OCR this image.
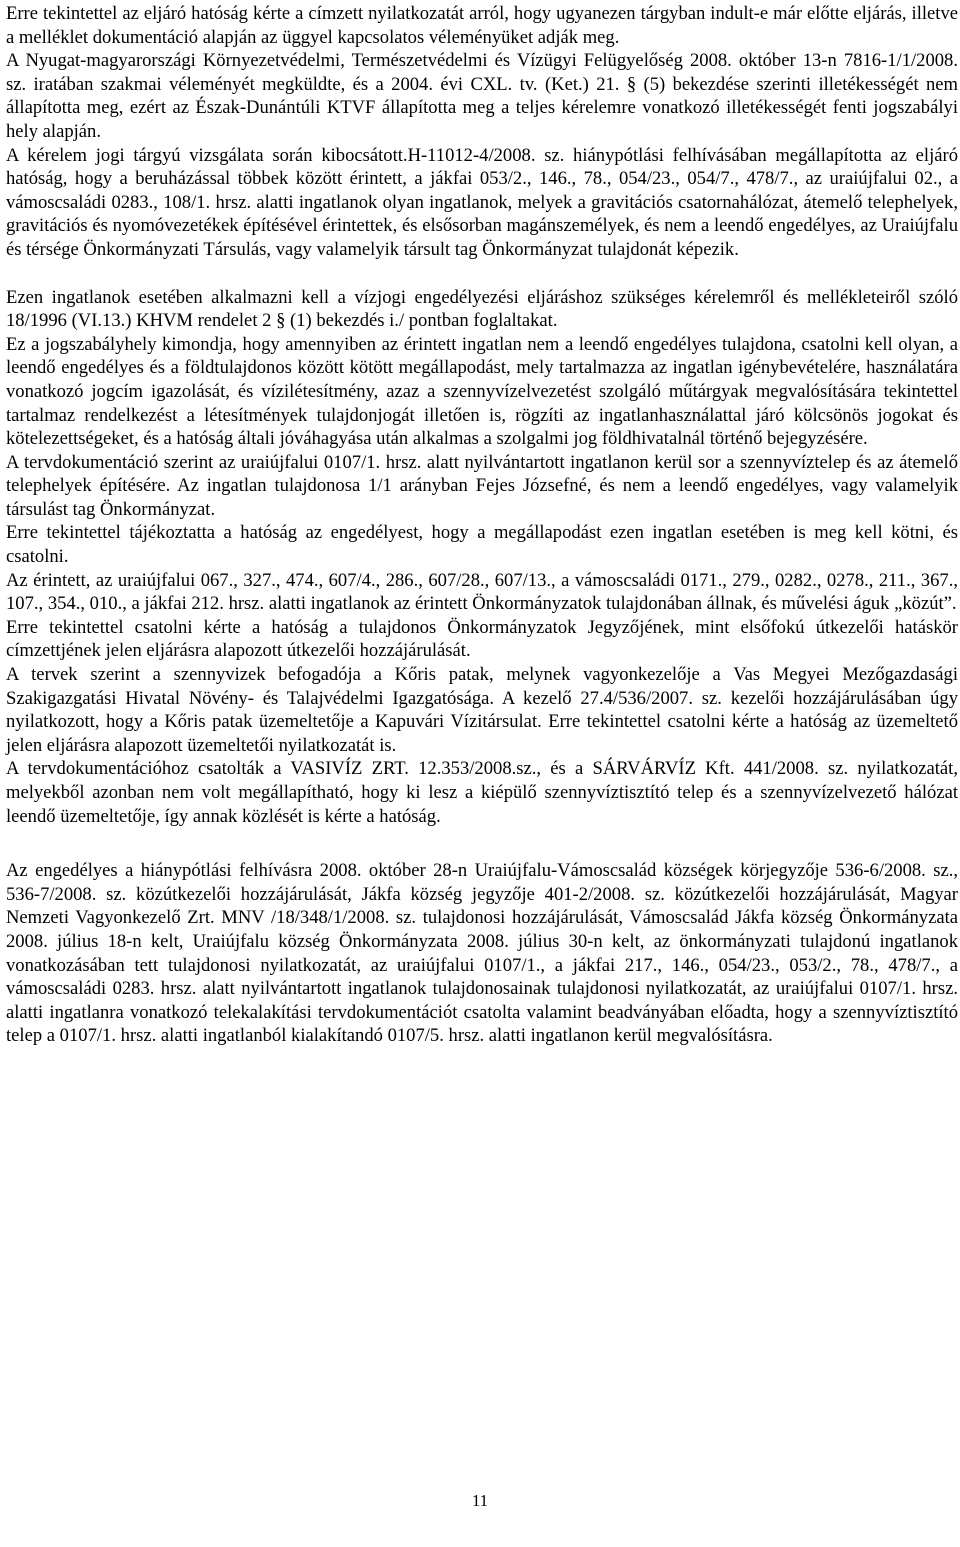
Erre tekintettel az eljáró hatóság kérte a címzett nyilatkozatát arról, hogy ugyanezen tárgyban indult-e már előtte eljárás, illetve a melléklet dokumentáció alapján az üggyel kapcsolatos véleményüket adják meg.

A Nyugat-magyarországi Környezetvédelmi, Természetvédelmi és Vízügyi Felügyelőség 2008. október 13-n 7816-1/1/2008. sz. iratában szakmai véleményét megküldte, és a 2004. évi CXL. tv. (Ket.) 21. § (5) bekezdése szerinti illetékességét nem állapította meg, ezért az Észak-Dunántúli KTVF állapította meg a teljes kérelemre vonatkozó illetékességét fenti jogszabályi hely alapján.

A kérelem jogi tárgyú vizsgálata során kibocsátott.H-11012-4/2008. sz. hiánypótlási felhívásában megállapította az eljáró hatóság, hogy a beruházással többek között érintett, a jákfai 053/2., 146., 78., 054/23., 054/7., 478/7., az uraiújfalui 02., a vámoscsaládi 0283., 108/1. hrsz. alatti ingatlanok olyan ingatlanok, melyek a gravitációs csatornahálózat, átemelő telephelyek, gravitációs és nyomóvezetékek építésével érintettek, és elsősorban magánszemélyek, és nem a leendő engedélyes, az Uraiújfalu és térsége Önkormányzati Társulás, vagy valamelyik társult tag Önkormányzat tulajdonát képezik.

Ezen ingatlanok esetében alkalmazni kell a vízjogi engedélyezési eljáráshoz szükséges kérelemről és mellékleteiről szóló 18/1996 (VI.13.) KHVM rendelet 2 § (1) bekezdés i./ pontban foglaltakat.

Ez a jogszabályhely kimondja, hogy amennyiben az érintett ingatlan nem a leendő engedélyes tulajdona, csatolni kell olyan, a leendő engedélyes és a földtulajdonos között kötött megállapodást, mely tartalmazza az ingatlan igénybevételére, használatára vonatkozó jogcím igazolását, és vízilétesítmény, azaz a szennyvízelvezetést szolgáló műtárgyak megvalósítására tekintettel tartalmaz rendelkezést a létesítmények tulajdonjogát illetően is, rögzíti az ingatlanhasználattal járó kölcsönös jogokat és kötelezettségeket, és a hatóság általi jóváhagyása után alkalmas a szolgalmi jog földhivatalnál történő bejegyzésére.

A tervdokumentáció szerint az uraiújfalui 0107/1. hrsz. alatt nyilvántartott ingatlanon kerül sor a szennyvíztelep és az átemelő telephelyek építésére. Az ingatlan tulajdonosa 1/1 arányban Fejes Józsefné, és nem a leendő engedélyes, vagy valamelyik társulást tag Önkormányzat.

Erre tekintettel tájékoztatta a hatóság az engedélyest, hogy a megállapodást ezen ingatlan esetében is meg kell kötni, és csatolni.

Az érintett, az uraiújfalui 067., 327., 474., 607/4., 286., 607/28., 607/13., a vámoscsaládi 0171., 279., 0282., 0278., 211., 367., 107., 354., 010., a jákfai 212. hrsz. alatti ingatlanok az érintett Önkormányzatok tulajdonában állnak, és művelési águk „közút”.

Erre tekintettel csatolni kérte a hatóság a tulajdonos Önkormányzatok Jegyzőjének, mint elsőfokú útkezelői hatáskör címzettjének jelen eljárásra alapozott útkezelői hozzájárulását.

A tervek szerint a szennyvizek befogadója a Kőris patak, melynek vagyonkezelője a Vas Megyei Mezőgazdasági Szakigazgatási Hivatal Növény- és Talajvédelmi Igazgatósága. A kezelő 27.4/536/2007. sz. kezelői hozzájárulásában úgy nyilatkozott, hogy a Kőris patak üzemeltetője a Kapuvári Vízitársulat. Erre tekintettel csatolni kérte a hatóság az üzemeltető jelen eljárásra alapozott üzemeltetői nyilatkozatát is.

A tervdokumentációhoz csatolták a VASIVÍZ ZRT. 12.353/2008.sz., és a SÁRVÁRVÍZ Kft. 441/2008. sz. nyilatkozatát, melyekből azonban nem volt megállapítható, hogy ki lesz a kiépülő szennyvíztisztító telep és a szennyvízelvezető hálózat leendő üzemeltetője, így annak közlését is kérte a hatóság.

Az engedélyes a hiánypótlási felhívásra 2008. október 28-n Uraiújfalu-Vámoscsalád községek körjegyzője 536-6/2008. sz., 536-7/2008. sz. közútkezelői hozzájárulását, Jákfa község jegyzője 401-2/2008. sz. közútkezelői hozzájárulását, Magyar Nemzeti Vagyonkezelő Zrt. MNV /18/348/1/2008. sz. tulajdonosi hozzájárulását, Vámoscsalád Jákfa község Önkormányzata 2008. július 18-n kelt, Uraiújfalu község Önkormányzata 2008. július 30-n kelt, az önkormányzati tulajdonú ingatlanok vonatkozásában tett tulajdonosi nyilatkozatát, az uraiújfalui 0107/1., a jákfai 217., 146., 054/23., 053/2., 78., 478/7., a vámoscsaládi 0283. hrsz. alatt nyilvántartott ingatlanok tulajdonosainak tulajdonosi nyilatkozatát, az uraiújfalui 0107/1. hrsz. alatti ingatlanra vonatkozó telekalakítási tervdokumentációt csatolta valamint beadványában előadta, hogy a szennyvíztisztító telep a 0107/1. hrsz. alatti ingatlanból kialakítandó 0107/5. hrsz. alatti ingatlanon kerül megvalósításra.

11
